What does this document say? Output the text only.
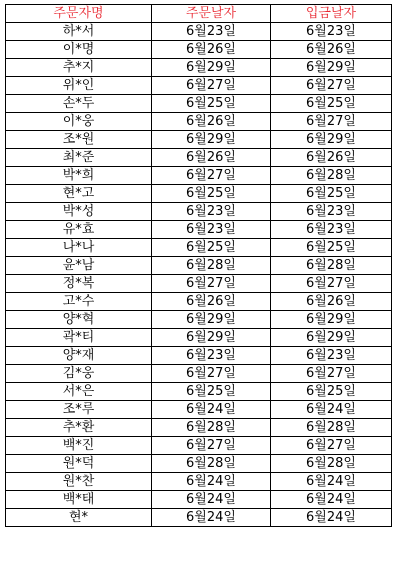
주문자명	주문날자	입금날자
하*서	6월23일	6월23일
이*명	6월26일	6월26일
추*지	6월29일	6월29일
위*인	6월27일	6월27일
손*두	6월25일	6월25일
이*웅	6월26일	6월27일
조*원	6월29일	6월29일
최*준	6월26일	6월26일
박*희	6월27일	6월28일
현*고	6월25일	6월25일
박*성	6월23일	6월23일
유*효	6월23일	6월23일
나*나	6월25일	6월25일
윤*남	6월28일	6월28일
정*복	6월27일	6월27일
고*수	6월26일	6월26일
양*혁	6월29일	6월29일
곽*티	6월29일	6월29일
양*재	6월23일	6월23일
김*웅	6월27일	6월27일
서*은	6월25일	6월25일
조*루	6월24일	6월24일
추*환	6월28일	6월28일
백*진	6월27일	6월27일
원*덕	6월28일	6월28일
원*찬	6월24일	6월24일
백*태	6월24일	6월24일
현*	6월24일	6월24일
